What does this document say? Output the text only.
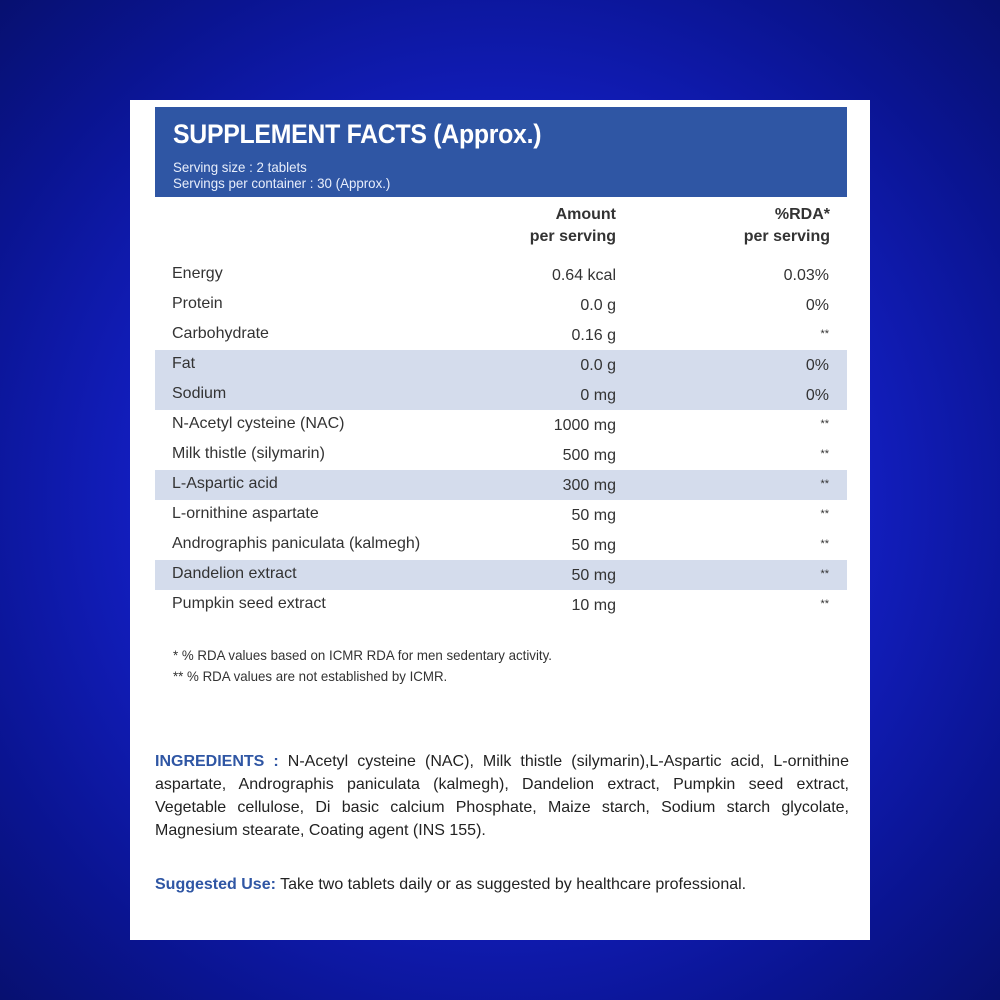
SUPPLEMENT FACTS (Approx.)
Serving size : 2 tablets
Servings per container : 30 (Approx.)
Amount
per serving
%RDA*
per serving
Energy	0.64 kcal	0.03%
Protein	0.0 g	0%
Carbohydrate	0.16 g	**
Fat	0.0 g	0%
Sodium	0 mg	0%
N-Acetyl cysteine (NAC)	1000 mg	**
Milk thistle (silymarin)	500 mg	**
L-Aspartic acid	300 mg	**
L-ornithine aspartate	50 mg	**
Andrographis paniculata (kalmegh)	50 mg	**
Dandelion extract	50 mg	**
Pumpkin seed extract	10 mg	**
* % RDA values based on ICMR RDA for men sedentary activity.
** % RDA values are not established by ICMR.
INGREDIENTS : N-Acetyl cysteine (NAC), Milk thistle (silymarin),L-Aspartic acid, L-ornithine aspartate, Andrographis paniculata (kalmegh), Dandelion extract, Pumpkin seed extract, Vegetable cellulose, Di basic calcium Phosphate, Maize starch, Sodium starch glycolate, Magnesium stearate, Coating agent (INS 155).
Suggested Use: Take two tablets daily or as suggested by healthcare professional.
